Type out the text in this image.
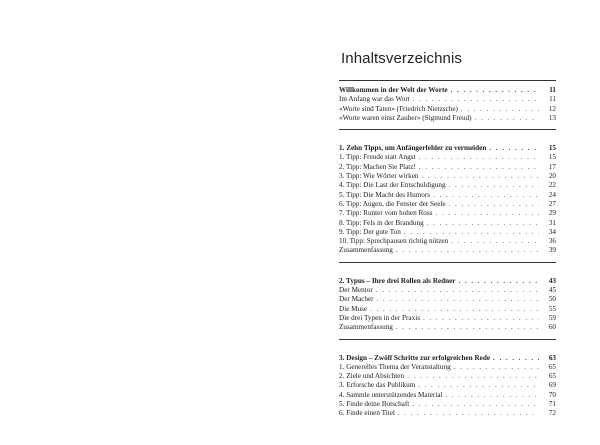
Inhaltsverzeichnis
Willkommen in der Welt der Worte . . .	11
Im Anfang war das Wort . . .	11
«Worte sind Taten» (Friedrich Nietzsche) . . .	12
«Worte waren einst Zauber» (Sigmund Freud) . . .	13
1. Zehn Tipps, um Anfängerfehler zu vermeiden . . .	15
1. Tipp: Freude statt Angst . . .	15
2. Tipp: Machen Sie Platz! . . .	17
3. Tipp: Wie Wörter wirken . . .	20
4. Tipp: Die Last der Entschuldigung . . .	22
5. Tipp: Die Macht des Humors . . .	24
6. Tipp: Augen, die Fenster der Seele . . .	27
7. Tipp: Runter vom hohen Ross . . .	29
8. Tipp: Fels in der Brandung . . .	31
9. Tipp: Der gute Ton . . .	34
10. Tipp: Sprechpausen richtig nützen . . .	36
Zusammenfassung . . .	39
2. Typus – Ihre drei Rollen als Redner . . .	43
Der Mentor . . .	45
Der Macher . . .	50
Die Muse . . .	55
Die drei Typen in der Praxis . . .	59
Zusammenfassung . . .	60
3. Design – Zwölf Schritte zur erfolgreichen Rede . . .	63
1. Generelles Thema der Veranstaltung . . .	65
2. Ziele und Absichten . . .	65
3. Erforsche das Publikum . . .	69
4. Sammle unterstützendes Material . . .	70
5. Finde deine Botschaft . . .	71
6. Finde einen Titel . . .	72
